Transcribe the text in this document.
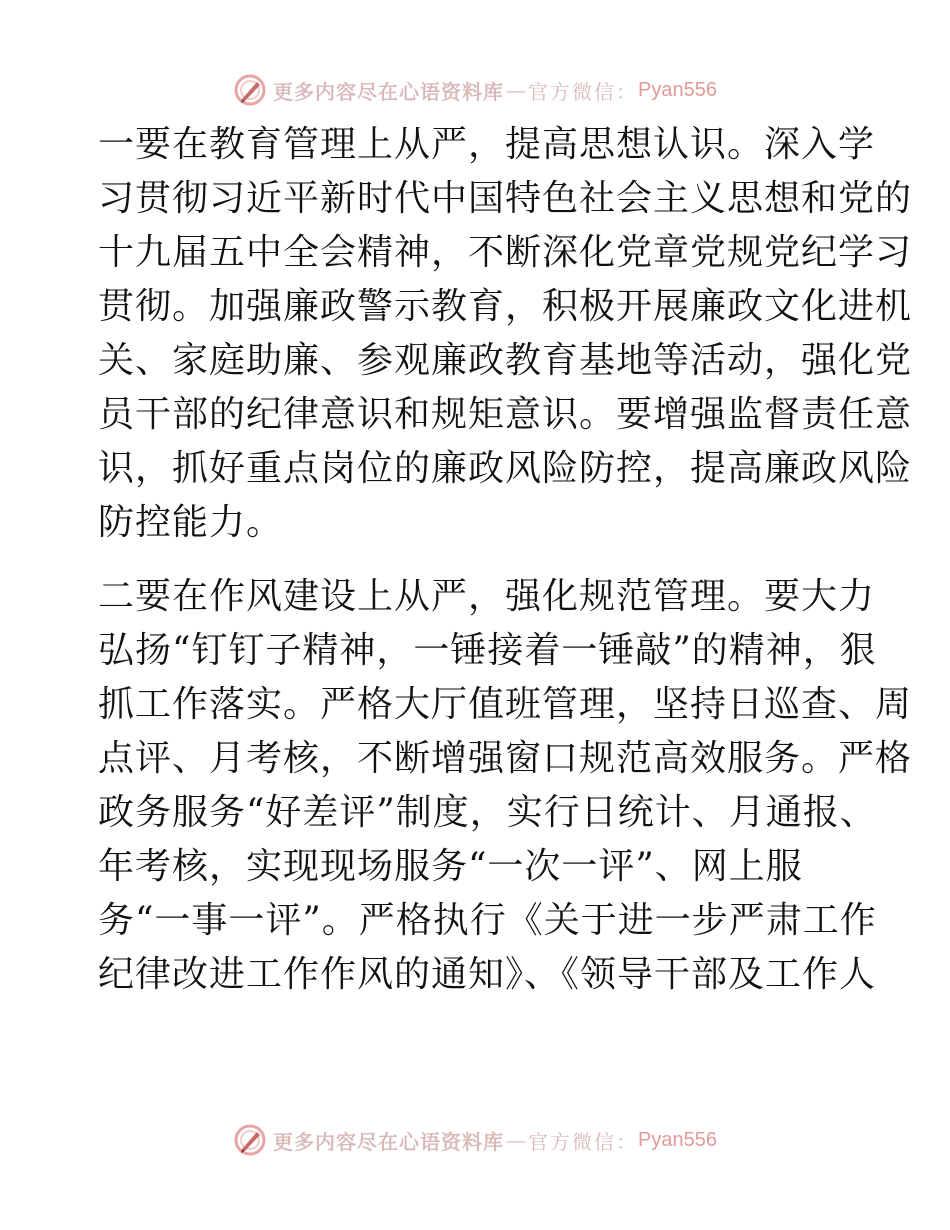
更多内容尽在心语资料库 — 官方微信： Pyan556

一要在教育管理上从严，提高思想认识。深入学
习贯彻习近平新时代中国特色社会主义思想和党的
十九届五中全会精神，不断深化党章党规党纪学习
贯彻。加强廉政警示教育，积极开展廉政文化进机
关、家庭助廉、参观廉政教育基地等活动，强化党
员干部的纪律意识和规矩意识。要增强监督责任意
识，抓好重点岗位的廉政风险防控，提高廉政风险
防控能力。

二要在作风建设上从严，强化规范管理。要大力
弘扬“钉钉子精神，一锤接着一锤敲”的精神，狠
抓工作落实。严格大厅值班管理，坚持日巡查、周
点评、月考核，不断增强窗口规范高效服务。严格
政务服务“好差评”制度，实行日统计、月通报、
年考核，实现现场服务“一次一评”、网上服
务“一事一评”。严格执行《关于进一步严肃工作
纪律改进工作作风的通知》、《领导干部及工作人

更多内容尽在心语资料库 — 官方微信： Pyan556
